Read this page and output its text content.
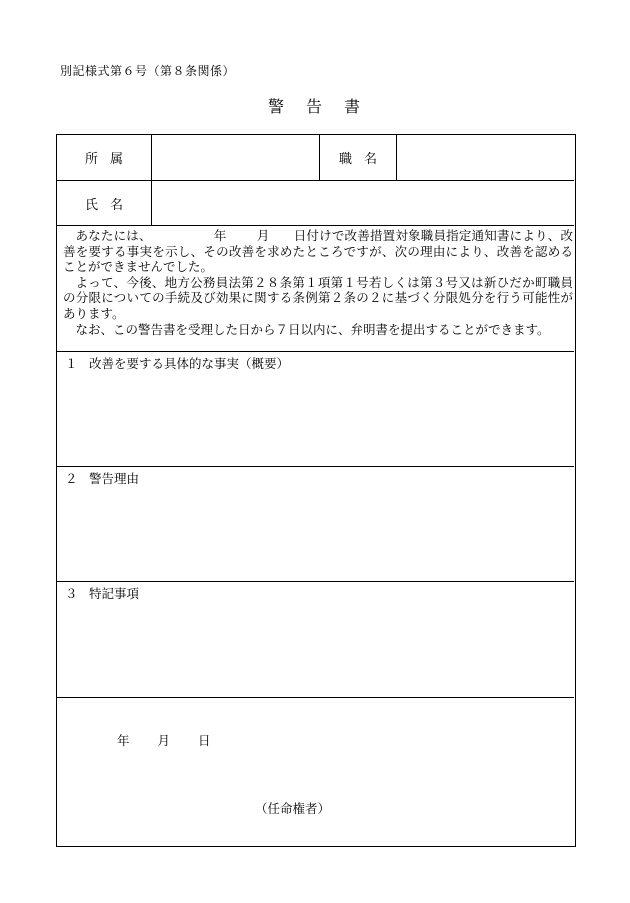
別記様式第６号（第８条関係）
警告書
所属	職名
氏名

あなたには、	年 月 日付けで改善措置対象職員指定通知書により、改善を要する事実を示し、その改善を求めたところですが、次の理由により、改善を認めることができませんでした。

よって、今後、地方公務員法第２８条第１項第１号若しくは第３号又は新ひだか町職員の分限についての手続及び効果に関する条例第２条の２に基づく分限処分を行う可能性があります。

なお、この警告書を受理した日から７日以内に、弁明書を提出することができます。

１ 改善を要する具体的な事実（概要）
２ 警告理由
３ 特記事項
年 月 日
（任命権者）
